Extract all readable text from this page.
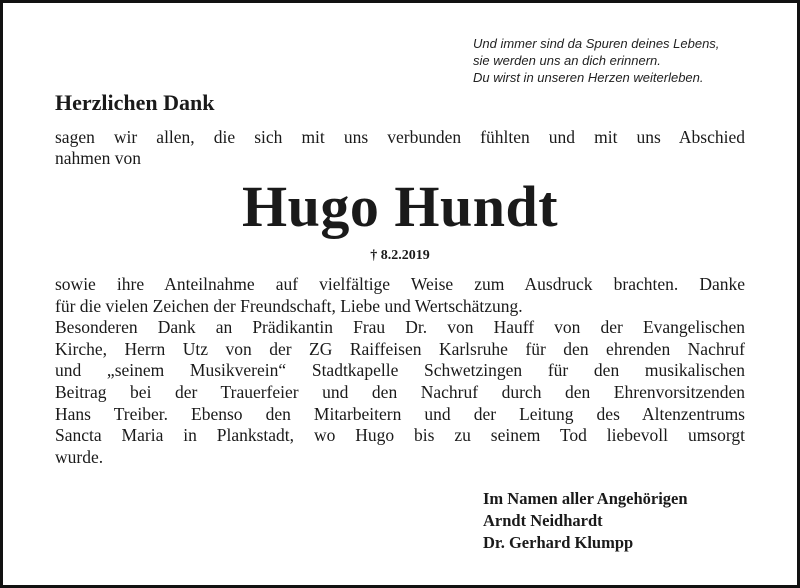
Und immer sind da Spuren deines Lebens,
sie werden uns an dich erinnern.
Du wirst in unseren Herzen weiterleben.
Herzlichen Dank
sagen wir allen, die sich mit uns verbunden fühlten und mit uns Abschied
nahmen von
Hugo Hundt
† 8.2.2019
sowie ihre Anteilnahme auf vielfältige Weise zum Ausdruck brachten. Danke
für die vielen Zeichen der Freundschaft, Liebe und Wertschätzung.
Besonderen Dank an Prädikantin Frau Dr. von Hauff von der Evangelischen
Kirche, Herrn Utz von der ZG Raiffeisen Karlsruhe für den ehrenden Nachruf
und „seinem Musikverein“ Stadtkapelle Schwetzingen für den musikalischen
Beitrag bei der Trauerfeier und den Nachruf durch den Ehrenvorsitzenden
Hans Treiber. Ebenso den Mitarbeitern und der Leitung des Altenzentrums
Sancta Maria in Plankstadt, wo Hugo bis zu seinem Tod liebevoll umsorgt
wurde.
Im Namen aller Angehörigen
Arndt Neidhardt
Dr. Gerhard Klumpp
